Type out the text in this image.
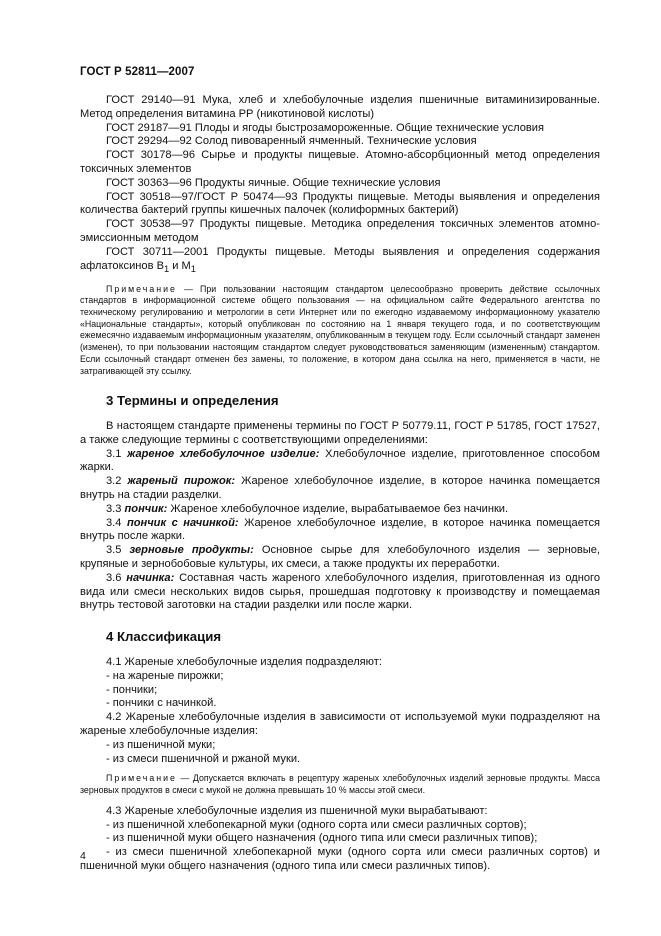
ГОСТ Р 52811—2007

ГОСТ 29140—91 Мука, хлеб и хлебобулочные изделия пшеничные витаминизированные. Метод определения витамина РР (никотиновой кислоты)

ГОСТ 29187—91 Плоды и ягоды быстрозамороженные. Общие технические условия

ГОСТ 29294—92 Солод пивоваренный ячменный. Технические условия

ГОСТ 30178—96 Сырье и продукты пищевые. Атомно-абсорбционный метод определения токсичных элементов

ГОСТ 30363—96 Продукты яичные. Общие технические условия

ГОСТ 30518—97/ГОСТ Р 50474—93 Продукты пищевые. Методы выявления и определения количества бактерий группы кишечных палочек (колиформных бактерий)

ГОСТ 30538—97 Продукты пищевые. Методика определения токсичных элементов атомно-эмиссионным методом

ГОСТ 30711—2001 Продукты пищевые. Методы выявления и определения содержания афлатоксинов $В_1$ и $М_1$

Примечание — При пользовании настоящим стандартом целесообразно проверить действие ссылочных стандартов в информационной системе общего пользования — на официальном сайте Федерального агентства по техническому регулированию и метрологии в сети Интернет или по ежегодно издаваемому информационному указателю «Национальные стандарты», который опубликован по состоянию на 1 января текущего года, и по соответствующим ежемесячно издаваемым информационным указателям, опубликованным в текущем году. Если ссылочный стандарт заменен (изменен), то при пользовании настоящим стандартом следует руководствоваться заменяющим (измененным) стандартом. Если ссылочный стандарт отменен без замены, то положение, в котором дана ссылка на него, применяется в части, не затрагивающей эту ссылку.

3 Термины и определения

В настоящем стандарте применены термины по ГОСТ Р 50779.11, ГОСТ Р 51785, ГОСТ 17527, а также следующие термины с соответствующими определениями:

3.1 жареное хлебобулочное изделие: Хлебобулочное изделие, приготовленное способом жарки.

3.2 жареный пирожок: Жареное хлебобулочное изделие, в которое начинка помещается внутрь на стадии разделки.

3.3 пончик: Жареное хлебобулочное изделие, вырабатываемое без начинки.

3.4 пончик с начинкой: Жареное хлебобулочное изделие, в которое начинка помещается внутрь после жарки.

3.5 зерновые продукты: Основное сырье для хлебобулочного изделия — зерновые, крупяные и зернобобовые культуры, их смеси, а также продукты их переработки.

3.6 начинка: Составная часть жареного хлебобулочного изделия, приготовленная из одного вида или смеси нескольких видов сырья, прошедшая подготовку к производству и помещаемая внутрь тестовой заготовки на стадии разделки или после жарки.

4 Классификация

4.1 Жареные хлебобулочные изделия подразделяют:

- на жареные пирожки;

- пончики;

- пончики с начинкой.

4.2 Жареные хлебобулочные изделия в зависимости от используемой муки подразделяют на жареные хлебобулочные изделия:

- из пшеничной муки;

- из смеси пшеничной и ржаной муки.

Примечание — Допускается включать в рецептуру жареных хлебобулочных изделий зерновые продукты. Масса зерновых продуктов в смеси с мукой не должна превышать 10 % массы этой смеси.

4.3 Жареные хлебобулочные изделия из пшеничной муки вырабатывают:

- из пшеничной хлебопекарной муки (одного сорта или смеси различных сортов);

- из пшеничной муки общего назначения (одного типа или смеси различных типов);

- из смеси пшеничной хлебопекарной муки (одного сорта или смеси различных сортов) и пшеничной муки общего назначения (одного типа или смеси различных типов).

4
